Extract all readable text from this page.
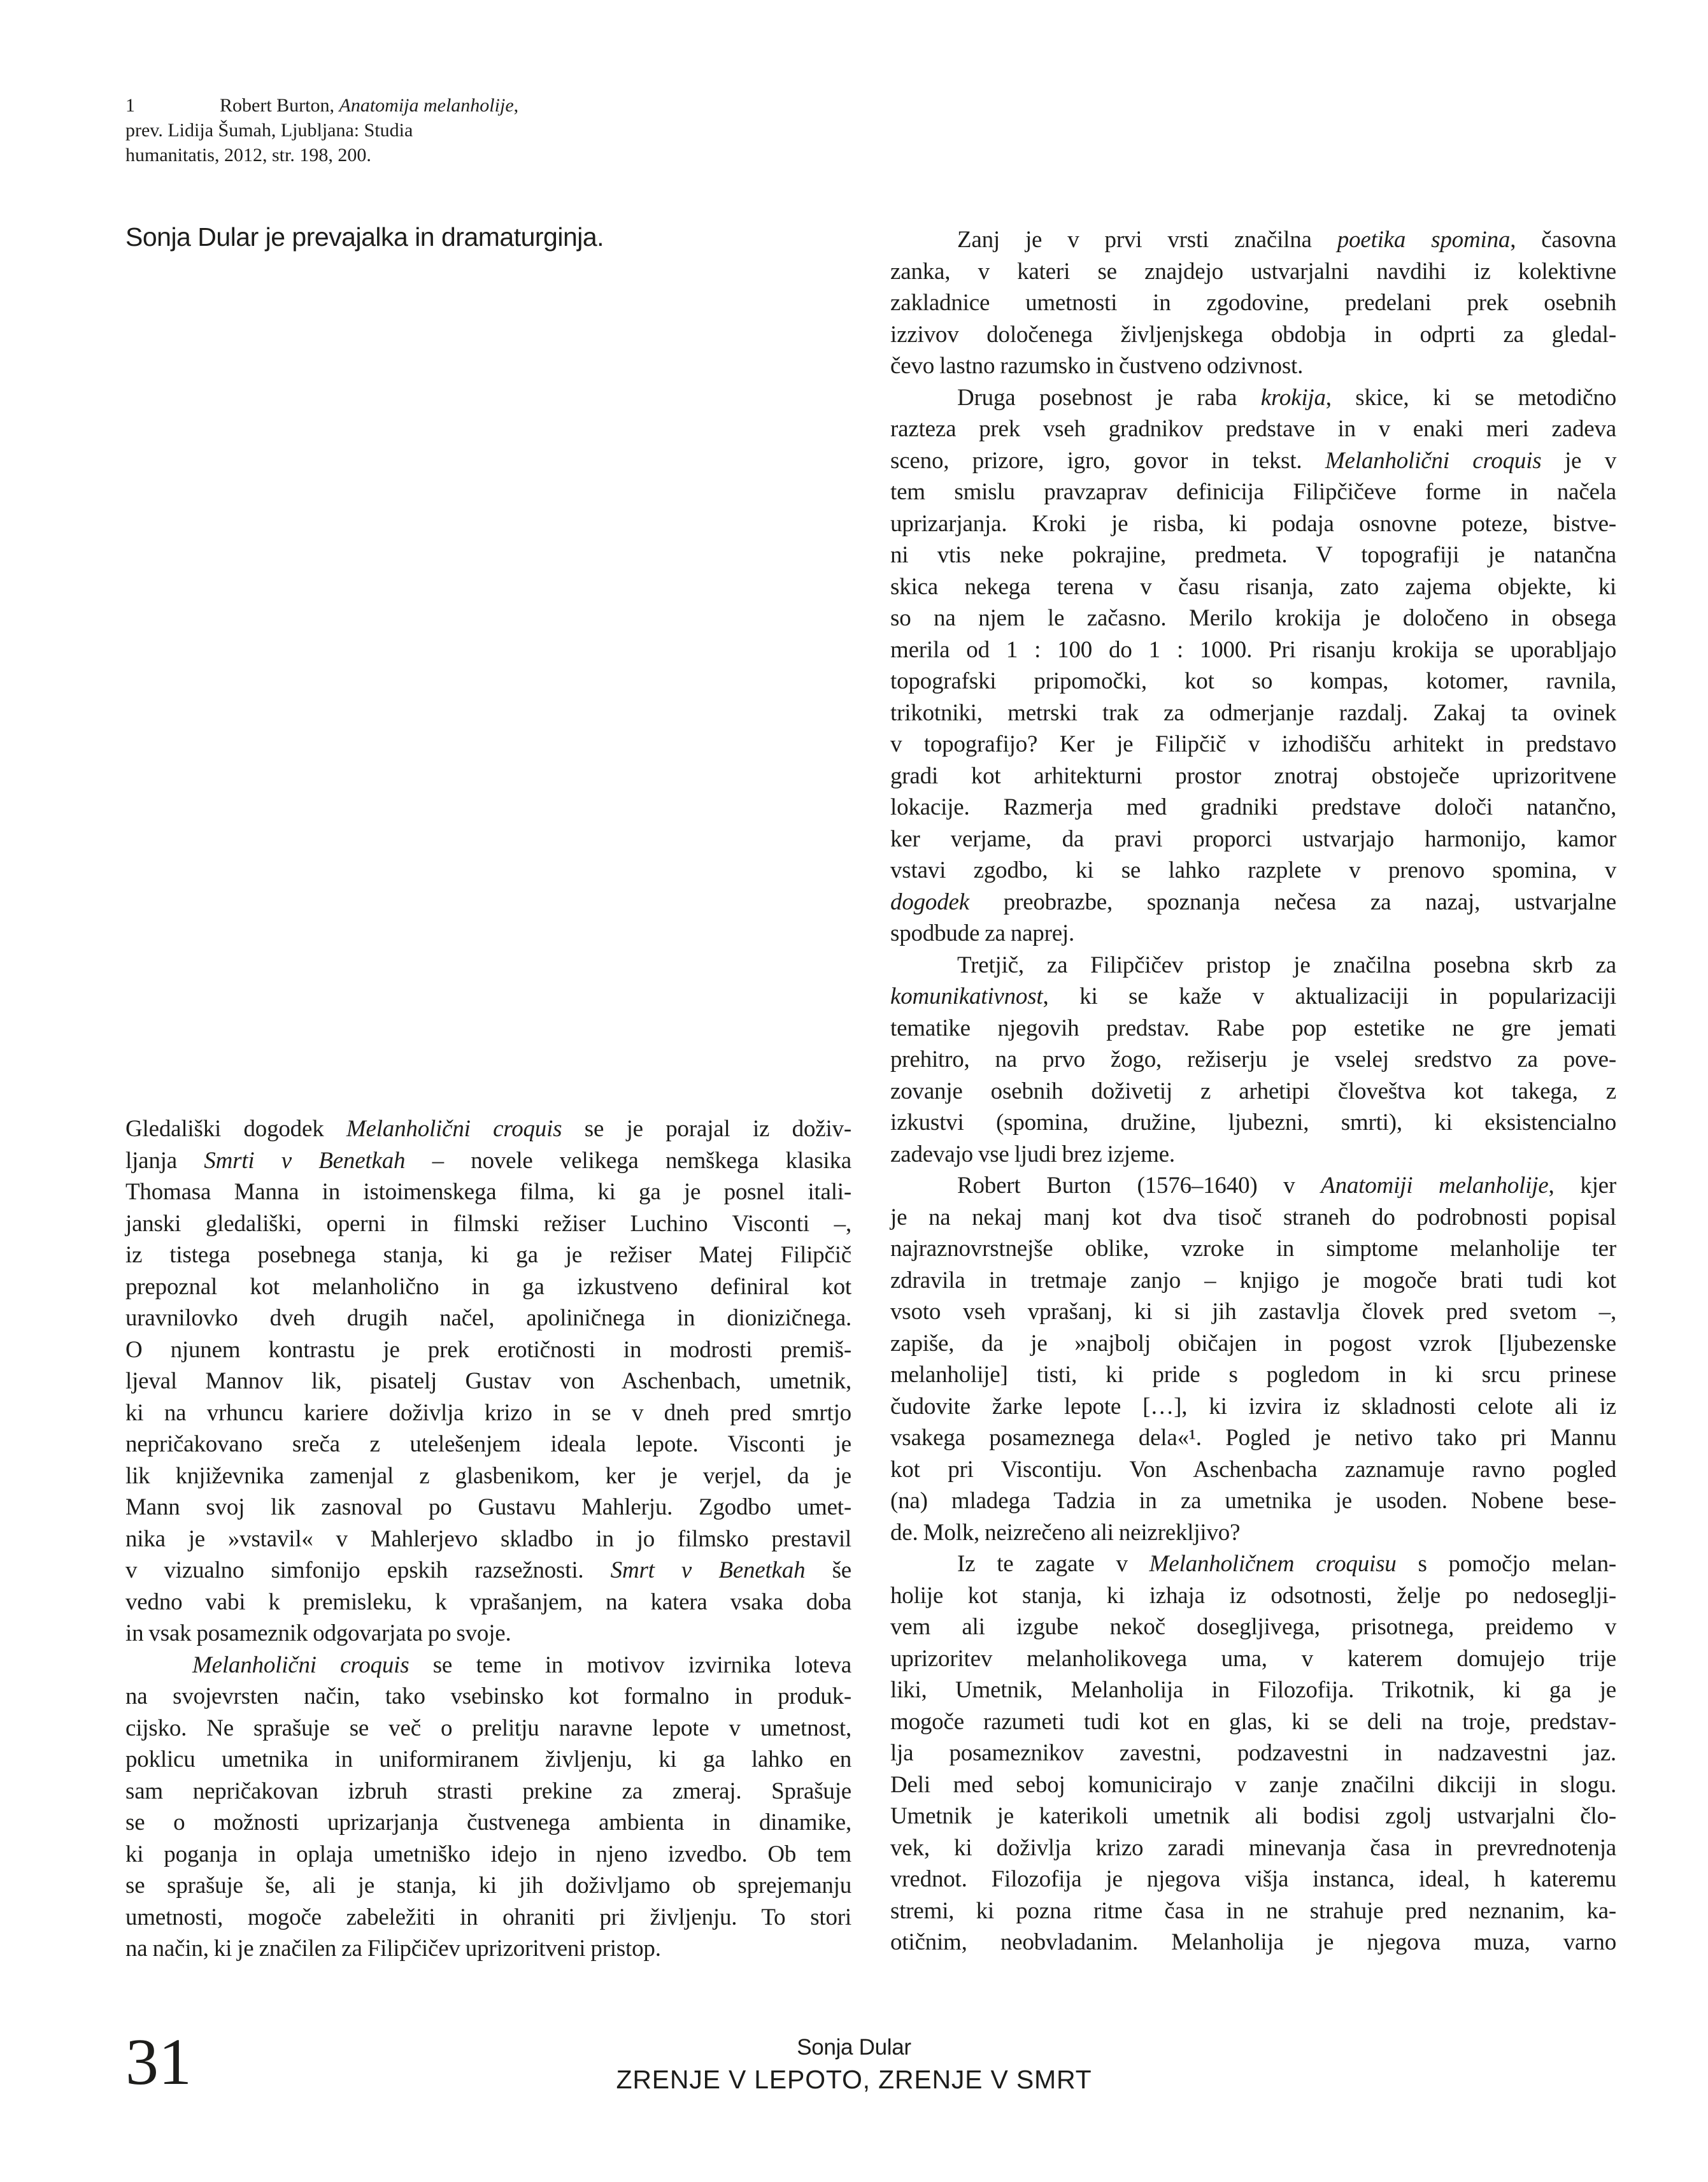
1	Robert Burton, Anatomija melanholije,
prev. Lidija Šumah, Ljubljana: Studia
humanitatis, 2012, str. 198, 200.
Sonja Dular je prevajalka in dramaturginja.
Gledališki dogodek Melanholični croquis se je porajal iz doživ-
ljanja Smrti v Benetkah – novele velikega nemškega klasika
Thomasa Manna in istoimenskega filma, ki ga je posnel itali-
janski gledališki, operni in filmski režiser Luchino Visconti –,
iz tistega posebnega stanja, ki ga je režiser Matej Filipčič
prepoznal kot melanholično in ga izkustveno definiral kot
uravnilovko dveh drugih načel, apoliničnega in dionizičnega.
O njunem kontrastu je prek erotičnosti in modrosti premiš-
ljeval Mannov lik, pisatelj Gustav von Aschenbach, umetnik,
ki na vrhuncu kariere doživlja krizo in se v dneh pred smrtjo
nepričakovano sreča z utelešenjem ideala lepote. Visconti je
lik književnika zamenjal z glasbenikom, ker je verjel, da je
Mann svoj lik zasnoval po Gustavu Mahlerju. Zgodbo umet-
nika je »vstavil« v Mahlerjevo skladbo in jo filmsko prestavil
v vizualno simfonijo epskih razsežnosti. Smrt v Benetkah še
vedno vabi k premisleku, k vprašanjem, na katera vsaka doba
in vsak posameznik odgovarjata po svoje.
Melanholični croquis se teme in motivov izvirnika loteva
na svojevrsten način, tako vsebinsko kot formalno in produk-
cijsko. Ne sprašuje se več o prelitju naravne lepote v umetnost,
poklicu umetnika in uniformiranem življenju, ki ga lahko en
sam nepričakovan izbruh strasti prekine za zmeraj. Sprašuje
se o možnosti uprizarjanja čustvenega ambienta in dinamike,
ki poganja in oplaja umetniško idejo in njeno izvedbo. Ob tem
se sprašuje še, ali je stanja, ki jih doživljamo ob sprejemanju
umetnosti, mogoče zabeležiti in ohraniti pri življenju. To stori
na način, ki je značilen za Filipčičev uprizoritveni pristop.
Zanj je v prvi vrsti značilna poetika spomina, časovna
zanka, v kateri se znajdejo ustvarjalni navdihi iz kolektivne
zakladnice umetnosti in zgodovine, predelani prek osebnih
izzivov določenega življenjskega obdobja in odprti za gledal-
čevo lastno razumsko in čustveno odzivnost.
Druga posebnost je raba krokija, skice, ki se metodično
razteza prek vseh gradnikov predstave in v enaki meri zadeva
sceno, prizore, igro, govor in tekst. Melanholični croquis je v
tem smislu pravzaprav definicija Filipčičeve forme in načela
uprizarjanja. Kroki je risba, ki podaja osnovne poteze, bistve-
ni vtis neke pokrajine, predmeta. V topografiji je natančna
skica nekega terena v času risanja, zato zajema objekte, ki
so na njem le začasno. Merilo krokija je določeno in obsega
merila od 1 : 100 do 1 : 1000. Pri risanju krokija se uporabljajo
topografski pripomočki, kot so kompas, kotomer, ravnila,
trikotniki, metrski trak za odmerjanje razdalj. Zakaj ta ovinek
v topografijo? Ker je Filipčič v izhodišču arhitekt in predstavo
gradi kot arhitekturni prostor znotraj obstoječe uprizoritvene
lokacije. Razmerja med gradniki predstave določi natančno,
ker verjame, da pravi proporci ustvarjajo harmonijo, kamor
vstavi zgodbo, ki se lahko razplete v prenovo spomina, v
dogodek preobrazbe, spoznanja nečesa za nazaj, ustvarjalne
spodbude za naprej.
Tretjič, za Filipčičev pristop je značilna posebna skrb za
komunikativnost, ki se kaže v aktualizaciji in popularizaciji
tematike njegovih predstav. Rabe pop estetike ne gre jemati
prehitro, na prvo žogo, režiserju je vselej sredstvo za pove-
zovanje osebnih doživetij z arhetipi človeštva kot takega, z
izkustvi (spomina, družine, ljubezni, smrti), ki eksistencialno
zadevajo vse ljudi brez izjeme.
Robert Burton (1576–1640) v Anatomiji melanholije, kjer
je na nekaj manj kot dva tisoč straneh do podrobnosti popisal
najraznovrstnejše oblike, vzroke in simptome melanholije ter
zdravila in tretmaje zanjo – knjigo je mogoče brati tudi kot
vsoto vseh vprašanj, ki si jih zastavlja človek pred svetom –,
zapiše, da je »najbolj običajen in pogost vzrok [ljubezenske
melanholije] tisti, ki pride s pogledom in ki srcu prinese
čudovite žarke lepote […], ki izvira iz skladnosti celote ali iz
vsakega posameznega dela«¹. Pogled je netivo tako pri Mannu
kot pri Viscontiju. Von Aschenbacha zaznamuje ravno pogled
(na) mladega Tadzia in za umetnika je usoden. Nobene bese-
de. Molk, neizrečeno ali neizrekljivo?
Iz te zagate v Melanholičnem croquisu s pomočjo melan-
holije kot stanja, ki izhaja iz odsotnosti, želje po nedoseglji-
vem ali izgube nekoč dosegljivega, prisotnega, preidemo v
uprizoritev melanholikovega uma, v katerem domujejo trije
liki, Umetnik, Melanholija in Filozofija. Trikotnik, ki ga je
mogoče razumeti tudi kot en glas, ki se deli na troje, predstav-
lja posameznikov zavestni, podzavestni in nadzavestni jaz.
Deli med seboj komunicirajo v zanje značilni dikciji in slogu.
Umetnik je katerikoli umetnik ali bodisi zgolj ustvarjalni člo-
vek, ki doživlja krizo zaradi minevanja časa in prevrednotenja
vrednot. Filozofija je njegova višja instanca, ideal, h kateremu
stremi, ki pozna ritme časa in ne strahuje pred neznanim, ka-
otičnim, neobvladanim. Melanholija je njegova muza, varno
31	Sonja Dular
ZRENJE V LEPOTO, ZRENJE V SMRT
